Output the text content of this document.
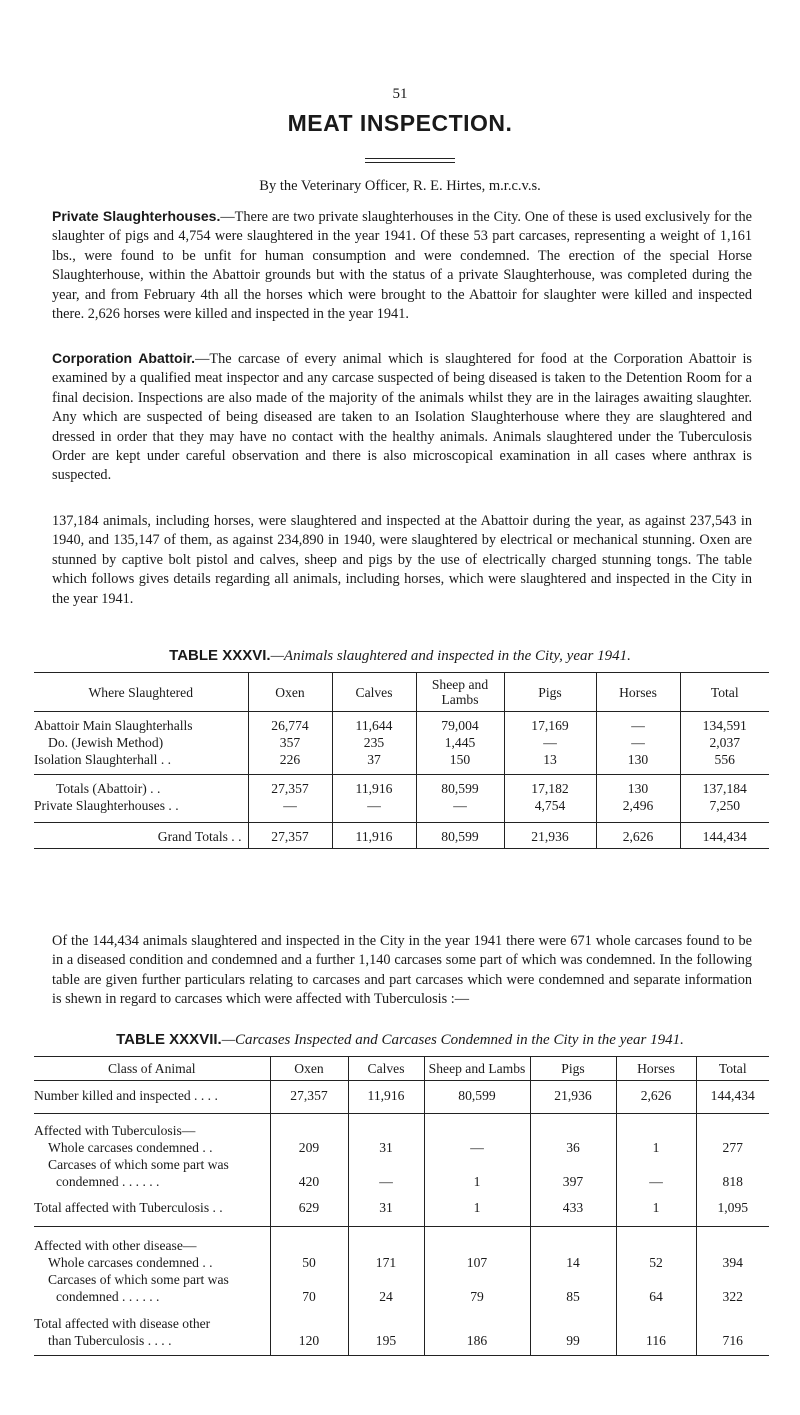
51
MEAT INSPECTION.
By the Veterinary Officer, R. E. Hirtes, m.r.c.v.s.
Private Slaughterhouses.—There are two private slaughterhouses in the City. One of these is used exclusively for the slaughter of pigs and 4,754 were slaughtered in the year 1941. Of these 53 part carcases, representing a weight of 1,161 lbs., were found to be unfit for human consumption and were condemned. The erection of the special Horse Slaughterhouse, within the Abattoir grounds but with the status of a private Slaughterhouse, was completed during the year, and from February 4th all the horses which were brought to the Abattoir for slaughter were killed and inspected there. 2,626 horses were killed and inspected in the year 1941.
Corporation Abattoir.—The carcase of every animal which is slaughtered for food at the Corporation Abattoir is examined by a qualified meat inspector and any carcase suspected of being diseased is taken to the Detention Room for a final decision. Inspections are also made of the majority of the animals whilst they are in the lairages awaiting slaughter. Any which are suspected of being diseased are taken to an Isolation Slaughterhouse where they are slaughtered and dressed in order that they may have no contact with the healthy animals. Animals slaughtered under the Tuberculosis Order are kept under careful observation and there is also microscopical examination in all cases where anthrax is suspected.
137,184 animals, including horses, were slaughtered and inspected at the Abattoir during the year, as against 237,543 in 1940, and 135,147 of them, as against 234,890 in 1940, were slaughtered by electrical or mechanical stunning. Oxen are stunned by captive bolt pistol and calves, sheep and pigs by the use of electrically charged stunning tongs. The table which follows gives details regarding all animals, including horses, which were slaughtered and inspected in the City in the year 1941.
TABLE XXXVI.—Animals slaughtered and inspected in the City, year 1941.
Where Slaughtered	Oxen	Calves	Sheep and Lambs	Pigs	Horses	Total
Abattoir Main Slaughterhalls	26,774	11,644	79,004	17,169	—	134,591
Do. (Jewish Method)	357	235	1,445	—	—	2,037
Isolation Slaughterhall . .	226	37	150	13	130	556
Totals (Abattoir) . .	27,357	11,916	80,599	17,182	130	137,184
Private Slaughterhouses . .	—	—	—	4,754	2,496	7,250
Grand Totals . .	27,357	11,916	80,599	21,936	2,626	144,434
Of the 144,434 animals slaughtered and inspected in the City in the year 1941 there were 671 whole carcases found to be in a diseased condition and condemned and a further 1,140 carcases some part of which was condemned. In the following table are given further particulars relating to carcases and part carcases which were condemned and separate information is shewn in regard to carcases which were affected with Tuberculosis :—
TABLE XXXVII.—Carcases Inspected and Carcases Condemned in the City in the year 1941.
Class of Animal	Oxen	Calves	Sheep and Lambs	Pigs	Horses	Total
Number killed and inspected . . . .	27,357	11,916	80,599	21,936	2,626	144,434
Affected with Tuberculosis—						
Whole carcases condemned . .	209	31	—	36	1	277
Carcases of which some part was						
condemned . . . . . .	420	—	1	397	—	818
Total affected with Tuberculosis . .	629	31	1	433	1	1,095
Affected with other disease—						
Whole carcases condemned . .	50	171	107	14	52	394
Carcases of which some part was						
condemned . . . . . .	70	24	79	85	64	322
Total affected with disease other						
than Tuberculosis . . . .	120	195	186	99	116	716
